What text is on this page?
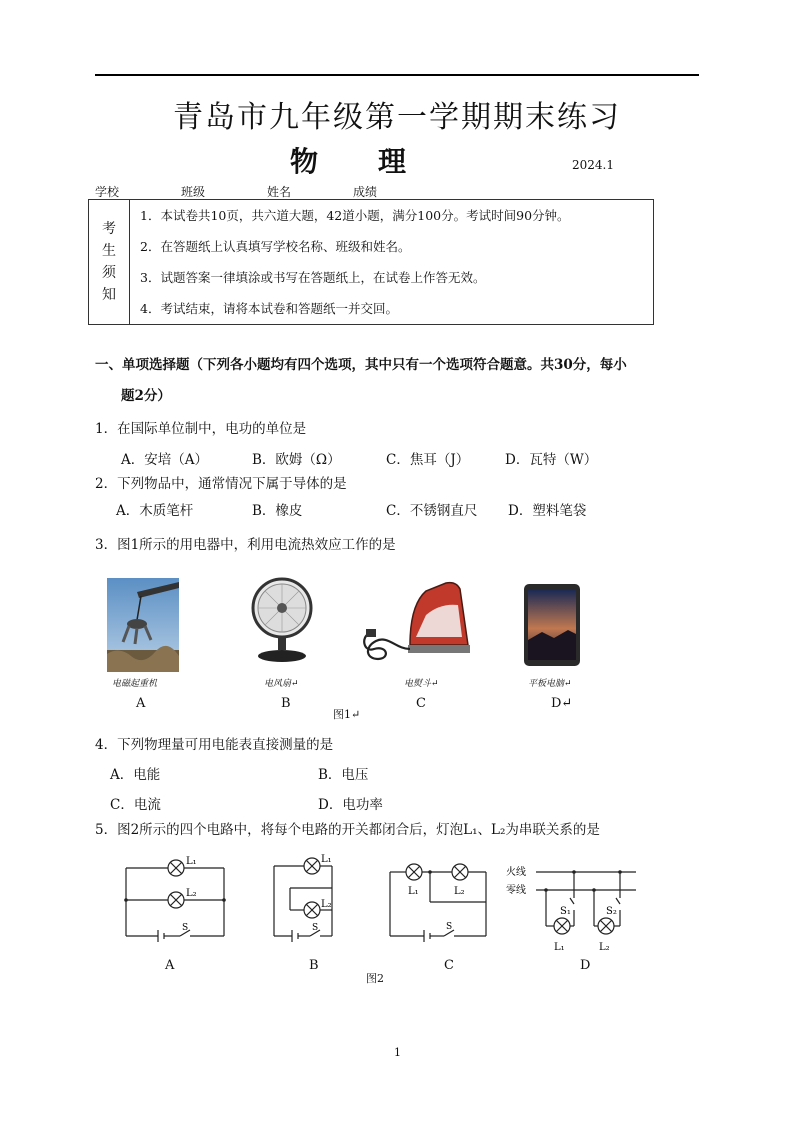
青岛市九年级第一学期期末练习
物理	2024.1
学校	班级	姓名	成绩
考
生
须
知

1．本试卷共10页，共六道大题，42道小题，满分100分。考试时间90分钟。
2．在答题纸上认真填写学校名称、班级和姓名。
3．试题答案一律填涂或书写在答题纸上，在试卷上作答无效。
4．考试结束，请将本试卷和答题纸一并交回。
一、单项选择题（下列各小题均有四个选项，其中只有一个选项符合题意。共30分，每小
题2分）
1．在国际单位制中，电功的单位是
A．安培（A）	B．欧姆（Ω）	C．焦耳（J）	D．瓦特（W）
2．下列物品中，通常情况下属于导体的是
A．木质笔杆	B．橡皮	C．不锈钢直尺 D．塑料笔袋
3．图1所示的用电器中，利用电流热效应工作的是
电磁起重机
A
电风扇↵
B
电熨斗↵
C
平板电脑↵
D↵
图1↵
4．下列物理量可用电能表直接测量的是
A．电能	B．电压
C．电流	D．电功率
5．图2所示的四个电路中，将每个电路的开关都闭合后，灯泡L₁、L₂为串联关系的是
L₁
L₂
S
A
L₁
L₂
S
B
L₁	L₂
S
C
火线
零线
S₁	S₂
L₁	L₂
D
图2
1
